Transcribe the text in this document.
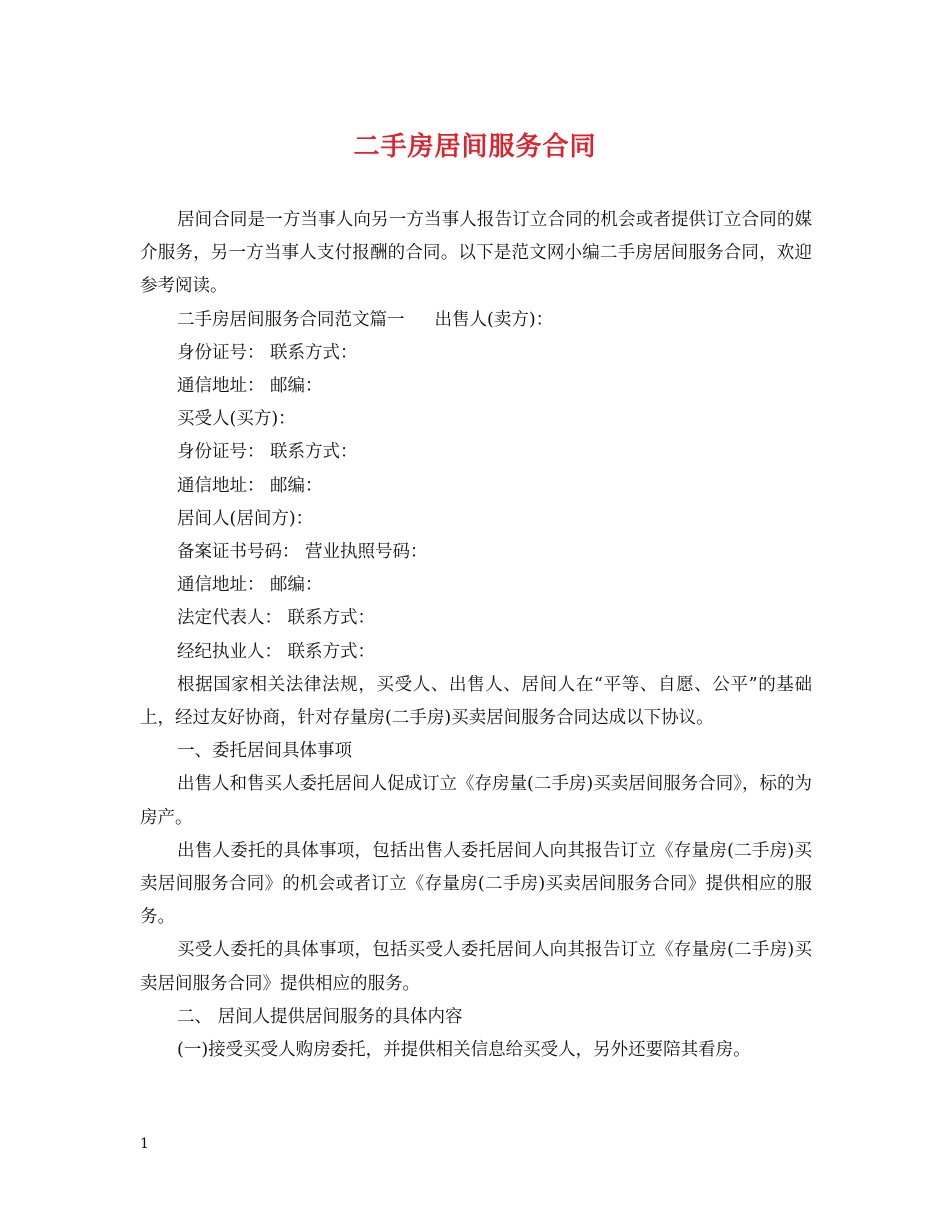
二手房居间服务合同

居间合同是一方当事人向另一方当事人报告订立合同的机会或者提供订立合同的媒介服务，另一方当事人支付报酬的合同。以下是范文网小编二手房居间服务合同，欢迎参考阅读。

二手房居间服务合同范文篇一 出售人(卖方)：

身份证号： 联系方式：

通信地址： 邮编：

买受人(买方)：

身份证号： 联系方式：

通信地址： 邮编：

居间人(居间方)：

备案证书号码： 营业执照号码：

通信地址： 邮编：

法定代表人： 联系方式：

经纪执业人： 联系方式：

根据国家相关法律法规，买受人、出售人、居间人在“平等、自愿、公平”的基础上，经过友好协商，针对存量房(二手房)买卖居间服务合同达成以下协议。

一、委托居间具体事项

出售人和售买人委托居间人促成订立《存房量(二手房)买卖居间服务合同》，标的为 房产。

出售人委托的具体事项，包括出售人委托居间人向其报告订立《存量房(二手房)买卖居间服务合同》的机会或者订立《存量房(二手房)买卖居间服务合同》提供相应的服务。

买受人委托的具体事项，包括买受人委托居间人向其报告订立《存量房(二手房)买卖居间服务合同》提供相应的服务。

二、 居间人提供居间服务的具体内容

(一)接受买受人购房委托，并提供相关信息给买受人，另外还要陪其看房。

1
